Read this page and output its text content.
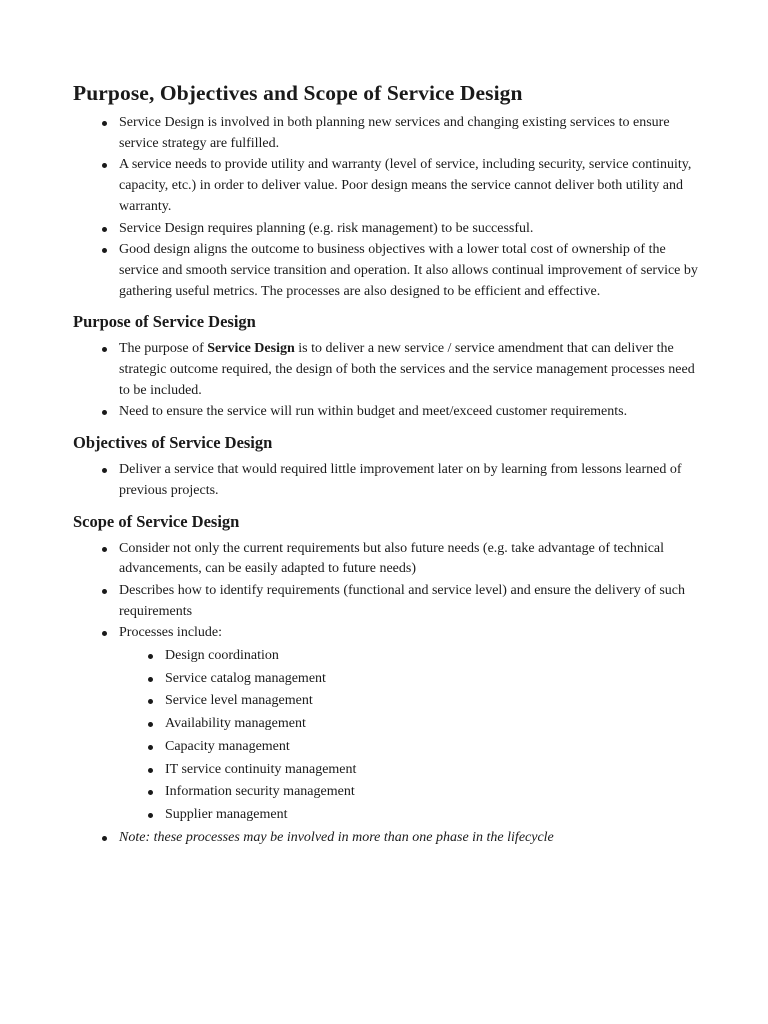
Purpose, Objectives and Scope of Service Design
Service Design is involved in both planning new services and changing existing services to ensure service strategy are fulfilled.
A service needs to provide utility and warranty (level of service, including security, service continuity, capacity, etc.) in order to deliver value. Poor design means the service cannot deliver both utility and warranty.
Service Design requires planning (e.g. risk management) to be successful.
Good design aligns the outcome to business objectives with a lower total cost of ownership of the service and smooth service transition and operation. It also allows continual improvement of service by gathering useful metrics. The processes are also designed to be efficient and effective.
Purpose of Service Design
The purpose of Service Design is to deliver a new service / service amendment that can deliver the strategic outcome required, the design of both the services and the service management processes need to be included.
Need to ensure the service will run within budget and meet/exceed customer requirements.
Objectives of Service Design
Deliver a service that would required little improvement later on by learning from lessons learned of previous projects.
Scope of Service Design
Consider not only the current requirements but also future needs (e.g. take advantage of technical advancements, can be easily adapted to future needs)
Describes how to identify requirements (functional and service level) and ensure the delivery of such requirements
Processes include:
Design coordination
Service catalog management
Service level management
Availability management
Capacity management
IT service continuity management
Information security management
Supplier management
Note: these processes may be involved in more than one phase in the lifecycle
